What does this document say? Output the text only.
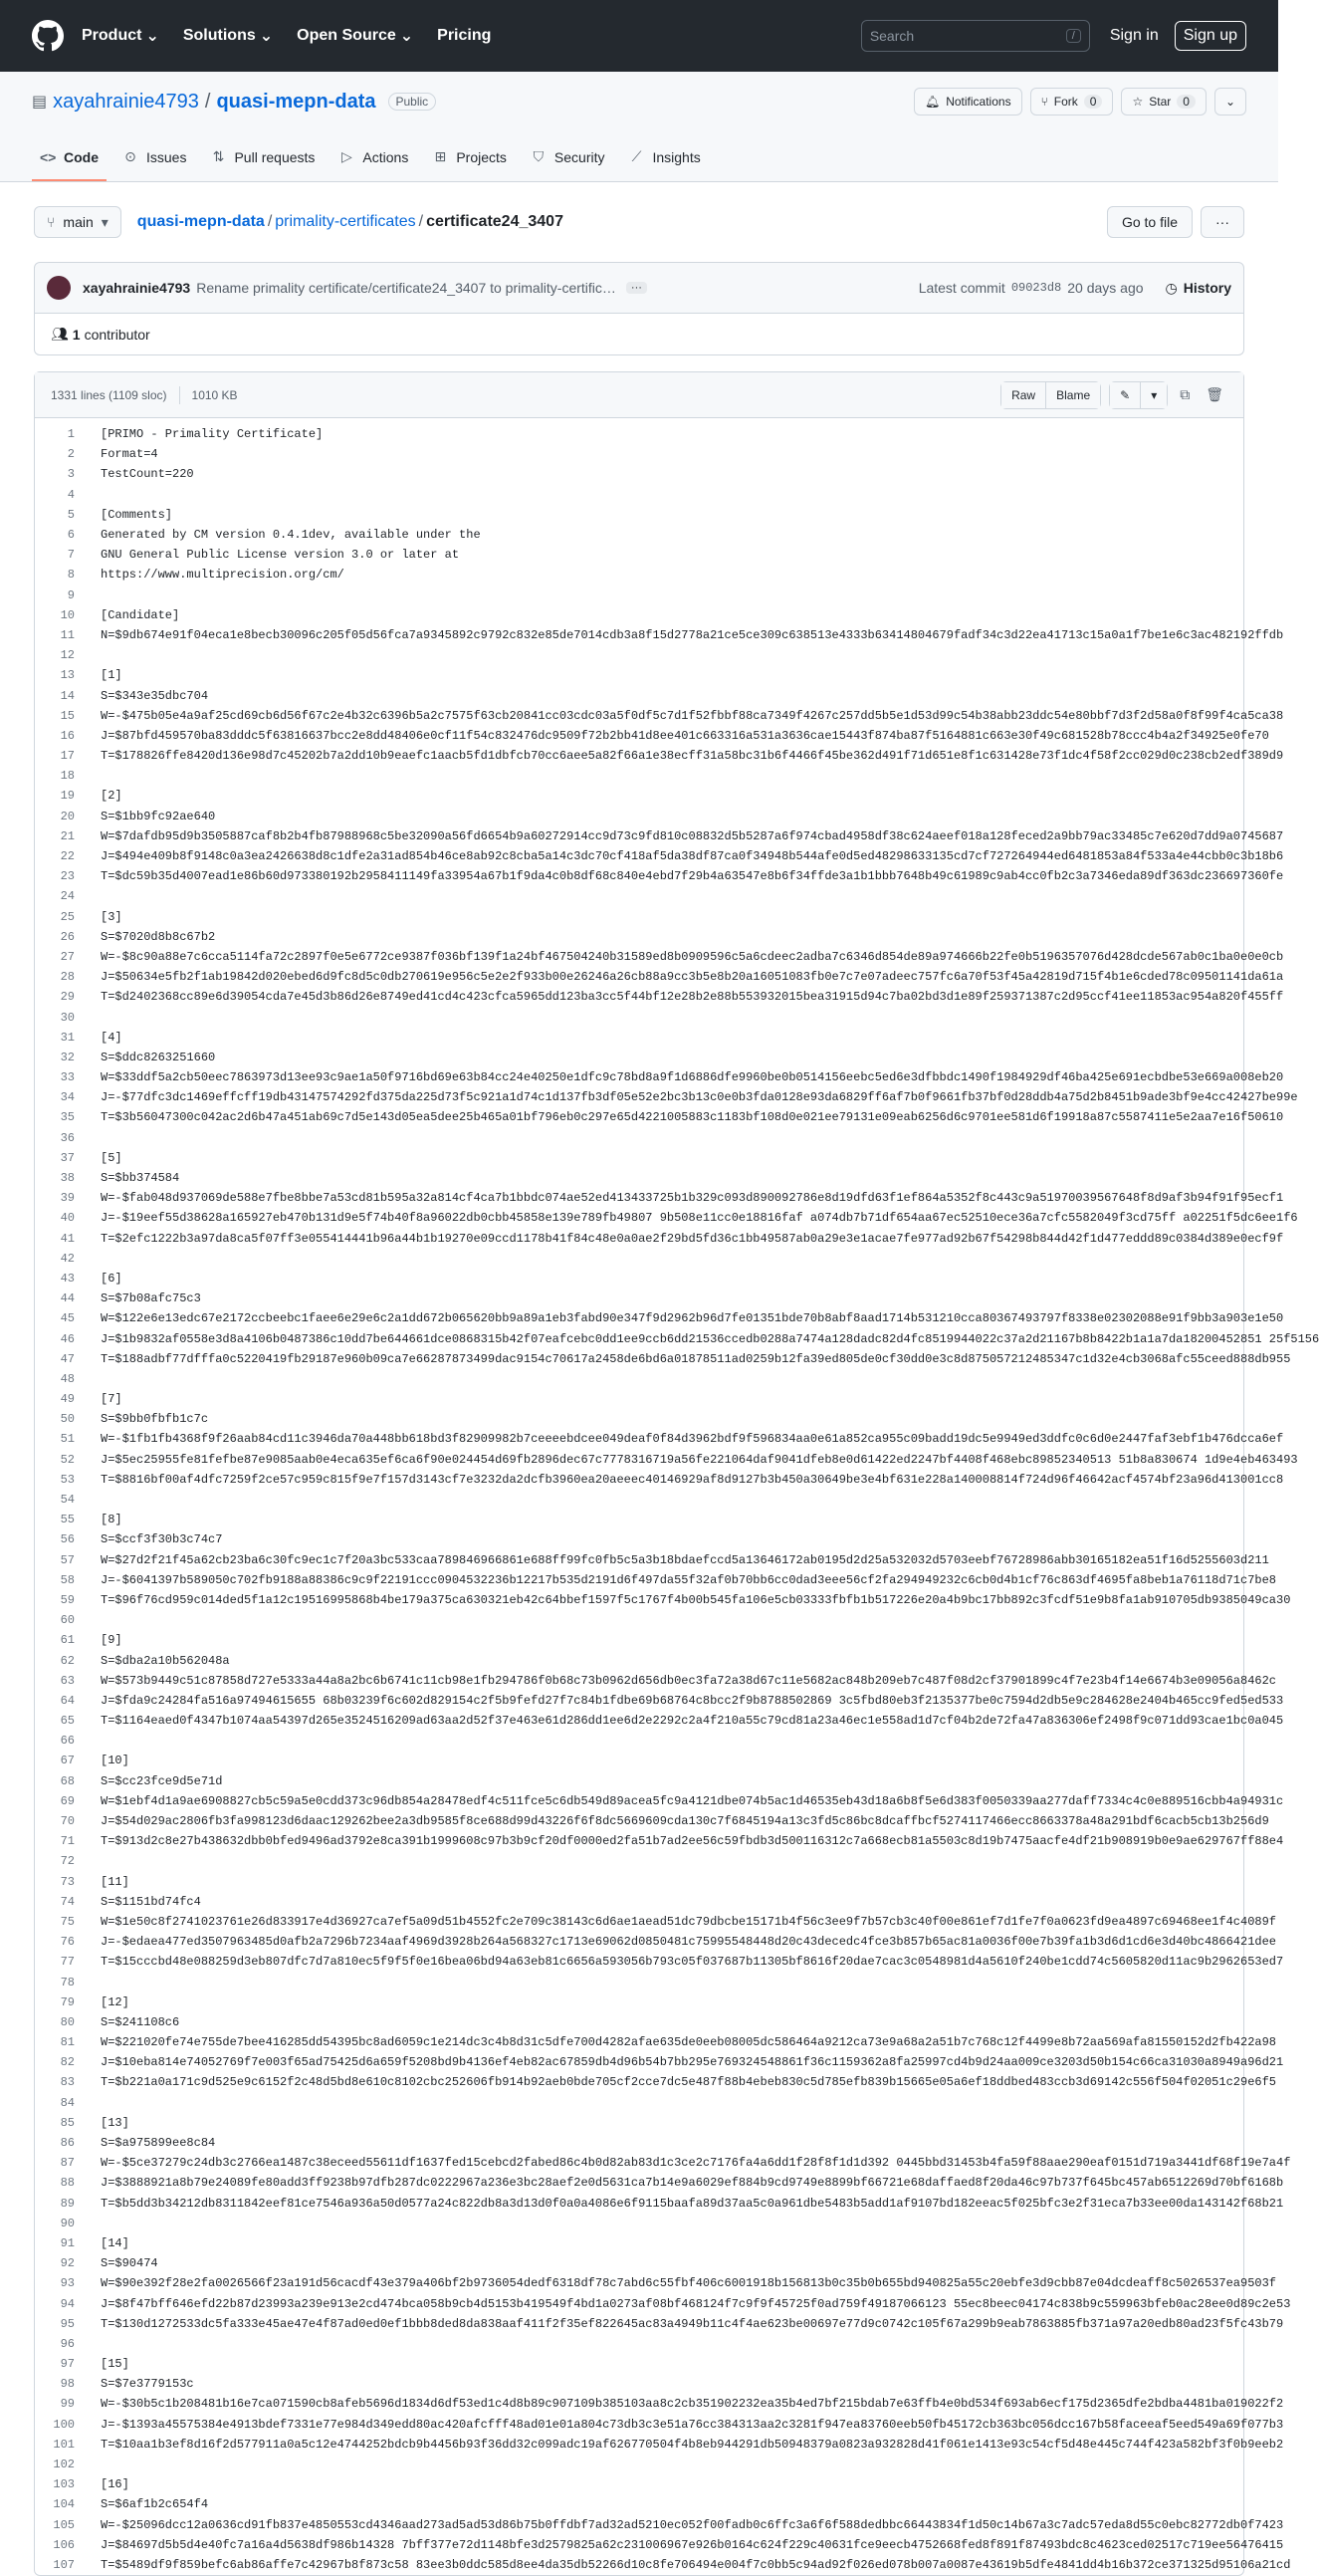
Product ⌄ Solutions ⌄ Open Source ⌄ Pricing	Search	/	Sign in	Sign up
▤ xayahrainie4793 / quasi-mepn-data	Public	🔔︎ Notifications	⑂ Fork	0	☆ Star	0	⌄
<> Code ⊙ Issues ⇅ Pull requests ▷ Actions ⊞ Projects ⛉ Security ⟋ Insights
⑂ main ▾ quasi-mepn-data / primality-certificates / certificate24_3407	Go to file	···
xayahrainie4793 Rename primality certificate/certificate24_3407 to primality-certific…	···	Latest commit 09023d8 20 days ago ◷ History
👥︎ 1 contributor
1331 lines (1109 sloc) 1010 KB	Raw	Blame	✎	▾	⧉ 🗑︎
1	[PRIMO - Primality Certificate]
2	Format=4
3	TestCount=220
4
5	[Comments]
6	Generated by CM version 0.4.1dev, available under the
7	GNU General Public License version 3.0 or later at
8	https://www.multiprecision.org/cm/
9
10	[Candidate]
11	N=$9db674e91f04eca1e8becb30096c205f05d56fca7a9345892c9792c832e85de7014cdb3a8f15d2778a21ce5ce309c638513e4333b63414804679fadf34c3d22ea41713c15a0a1f7be1e6c3ac482192ffdb
12
13	[1]
14	S=$343e35dbc704
15	W=-$475b05e4a9af25cd69cb6d56f67c2e4b32c6396b5a2c7575f63cb20841cc03cdc03a5f0df5c7d1f52fbbf88ca7349f4267c257dd5b5e1d53d99c54b38abb23ddc54e80bbf7d3f2d58a0f8f99f4ca5ca38
16	J=$87bfd459570ba83dddc5f63816637bcc2e8dd48406e0cf11f54c832476dc9509f72b2bb41d8ee401c663316a531a3636cae15443f874ba87f5164881c663e30f49c681528b78ccc4b4a2f34925e0fe70
17	T=$178826ffe8420d136e98d7c45202b7a2dd10b9eaefc1aacb5fd1dbfcb70cc6aee5a82f66a1e38ecff31a58bc31b6f4466f45be362d491f71d651e8f1c631428e73f1dc4f58f2cc029d0c238cb2edf389d9
18
19	[2]
20	S=$1bb9fc92ae640
21	W=$7dafdb95d9b3505887caf8b2b4fb87988968c5be32090a56fd6654b9a60272914cc9d73c9fd810c08832d5b5287a6f974cbad4958df38c624aeef018a128feced2a9bb79ac33485c7e620d7dd9a0745687
22	J=$494e409b8f9148c0a3ea2426638d8c1dfe2a31ad854b46ce8ab92c8cba5a14c3dc70cf418af5da38df87ca0f34948b544afe0d5ed48298633135cd7cf727264944ed6481853a84f533a4e44cbb0c3b18b6
23	T=$dc59b35d4007ead1e86b60d973380192b2958411149fa33954a67b1f9da4c0b8df68c840e4ebd7f29b4a63547e8b6f34ffde3a1b1bbb7648b49c61989c9ab4cc0fb2c3a7346eda89df363dc236697360fe
24
25	[3]
26	S=$7020d8b8c67b2
27	W=-$8c90a88e7c6cca5114fa72c2897f0e5e6772ce9387f036bf139f1a24bf467504240b31589ed8b0909596c5a6cdeec2adba7c6346d854de89a974666b22fe0b5196357076d428dcde567ab0c1ba0e0e0cb
28	J=$50634e5fb2f1ab19842d020ebed6d9fc8d5c0db270619e956c5e2e2f933b00e26246a26cb88a9cc3b5e8b20a16051083fb0e7c7e07adeec757fc6a70f53f45a42819d715f4b1e6cded78c09501141da61a
29	T=$d2402368cc89e6d39054cda7e45d3b86d26e8749ed41cd4c423cfca5965dd123ba3cc5f44bf12e28b2e88b553932015bea31915d94c7ba02bd3d1e89f259371387c2d95ccf41ee11853ac954a820f455ff
30
31	[4]
32	S=$ddc8263251660
33	W=$33ddf5a2cb50eec7863973d13ee93c9ae1a50f9716bd69e63b84cc24e40250e1dfc9c78bd8a9f1d6886dfe9960be0b0514156eebc5ed6e3dfbbdc1490f1984929df46ba425e691ecbdbe53e669a008eb20
34	J=-$77dfc3dc1469effcff19db43147574292fd375da225d73f5c921a1d74c1d137fb3df05e52e2bc3b13c0e0b3fda0128e93da6829ff6af7b0f9661fb37bf0d28ddb4a75d2b8451b9ade3bf9e4cc42427be99e
35	T=$3b56047300c042ac2d6b47a451ab69c7d5e143d05ea5dee25b465a01bf796eb0c297e65d4221005883c1183bf108d0e021ee79131e09eab6256d6c9701ee581d6f19918a87c5587411e5e2aa7e16f50610
36
37	[5]
38	S=$bb374584
39	W=-$fab048d937069de588e7fbe8bbe7a53cd81b595a32a814cf4ca7b1bbdc074ae52ed413433725b1b329c093d890092786e8d19dfd63f1ef864a5352f8c443c9a51970039567648f8d9af3b94f91f95ecf1
40	J=-$19eef55d38628a165927eb470b131d9e5f74b40f8a96022db0cbb45858e139e789fb49807 9b508e11cc0e18816faf a074db7b71df654aa67ec52510ece36a7cfc5582049f3cd75ff a02251f5dc6ee1f6
41	T=$2efc1222b3a97da8ca5f07ff3e055414441b96a44b1b19270e09ccd1178b41f84c48e0a0ae2f29bd5fd36c1bb49587ab0a29e3e1acae7fe977ad92b67f54298b844d42f1d477eddd89c0384d389e0ecf9f
42
43	[6]
44	S=$7b08afc75c3
45	W=$122e6e13edc67e2172ccbeebc1faee6e29e6c2a1dd672b065620bb9a89a1eb3fabd90e347f9d2962b96d7fe01351bde70b8abf8aad1714b531210cca80367493797f8338e02302088e91f9bb3a903e1e50
46	J=$1b9832af0558e3d8a4106b0487386c10dd7be644661dce0868315b42f07eafcebc0dd1ee9ccb6dd21536ccedb0288a7474a128dadc82d4fc8519944022c37a2d21167b8b8422b1a1a7da18200452851 25f5156
47	T=$188adbf77dfffa0c5220419fb29187e960b09ca7e66287873499dac9154c70617a2458de6bd6a01878511ad0259b12fa39ed805de0cf30dd0e3c8d875057212485347c1d32e4cb3068afc55ceed888db955
48
49	[7]
50	S=$9bb0fbfb1c7c
51	W=-$1fb1fb4368f9f26aab84cd11c3946da70a448bb618bd3f82909982b7ceeeebdcee049deaf0f84d3962bdf9f596834aa0e61a852ca955c09badd19dc5e9949ed3ddfc0c6d0e2447faf3ebf1b476dcca6ef
52	J=$5ec25955fe81fefbe87e9085aab0e4eca635ef6ca6f90e024454d69fb2896dec67c7778316719a56fe221064daf9041dfeb8e0d61422ed2247bf4408f468ebc89852340513 51b8a830674 1d9e4eb463493
53	T=$8816bf00af4dfc7259f2ce57c959c815f9e7f157d3143cf7e3232da2dcfb3960ea20aeeec40146929af8d9127b3b450a30649be3e4bf631e228a140008814f724d96f46642acf4574bf23a96d413001cc8
54
55	[8]
56	S=$ccf3f30b3c74c7
57	W=$27d2f21f45a62cb23ba6c30fc9ec1c7f20a3bc533caa789846966861e688ff99fc0fb5c5a3b18bdaefccd5a13646172ab0195d2d25a532032d5703eebf76728986abb30165182ea51f16d5255603d211
58	J=-$6041397b589050c702fb9188a88386c9c9f22191ccc0904532236b12217b535d2191d6f497da55f32af0b70bb6cc0dad3eee56cf2fa294949232c6cb0d4b1cf76c863df4695fa8beb1a76118d71c7be8
59	T=$96f76cd959c014ded5f1a12c19516995868b4be179a375ca630321eb42c64bbef1597f5c1767f4b00b545fa106e5cb03333fbfb1b517226e20a4b9bc17bb892c3fcdf51e9b8fa1ab910705db9385049ca30
60
61	[9]
62	S=$dba2a10b562048a
63	W=$573b9449c51c87858d727e5333a44a8a2bc6b6741c11cb98e1fb294786f0b68c73b0962d656db0ec3fa72a38d67c11e5682ac848b209eb7c487f08d2cf37901899c4f7e23b4f14e6674b3e09056a8462c
64	J=$fda9c24284fa516a97494615655 68b03239f6c602d829154c2f5b9fefd27f7c84b1fdbe69b68764c8bcc2f9b8788502869 3c5fbd80eb3f2135377be0c7594d2db5e9c284628e2404b465cc9fed5ed533
65	T=$1164eaed0f4347b1074aa54397d265e3524516209ad63aa2d52f37e463e61d286dd1ee6d2e2292c2a4f210a55c79cd81a23a46ec1e558ad1d7cf04b2de72fa47a836306ef2498f9c071dd93cae1bc0a045
66
67	[10]
68	S=$cc23fce9d5e71d
69	W=$1ebf4d1a9ae6908827cb5c59a5e0cdd373c96db854a28478edf4c511fce5c6db549d89acea5fc9a4121dbe074b5ac1d46535eb43d18a6b8f5e6d383f0050339aa277daff7334c4c0e889516cbb4a94931c
70	J=$54d029ac2806fb3fa998123d6daac129262bee2a3db9585f8ce688d99d43226f6f8dc5669609cda130c7f6845194a13c3fd5c86bc8dcaffbcf5274117466ecc8663378a48a291bdf6cacb5cb13b256d9
71	T=$913d2c8e27b438632dbb0bfed9496ad3792e8ca391b1999608c97b3b9cf20df0000ed2fa51b7ad2ee56c59fbdb3d500116312c7a668ecb81a5503c8d19b7475aacfe4df21b908919b0e9ae629767ff88e4
72
73	[11]
74	S=$1151bd74fc4
75	W=$1e50c8f2741023761e26d833917e4d36927ca7ef5a09d51b4552fc2e709c38143c6d6ae1aead51dc79dbcbe15171b4f56c3ee9f7b57cb3c40f00e861ef7d1fe7f0a0623fd9ea4897c69468ee1f4c4089f
76	J=-$edaea477ed3507963485d0afb2a7296b7234aaf4969d3928b264a568327c1713e69062d0850481c75995548448d20c43decedc4fce3b857b65ac81a0036f00e7b39fa1b3d6d1cd6e3d40bc4866421dee
77	T=$15cccbd48e088259d3eb807dfc7d7a810ec5f9f5f0e16bea06bd94a63eb81c6656a593056b793c05f037687b11305bf8616f20dae7cac3c0548981d4a5610f240be1cdd74c5605820d11ac9b2962653ed7
78
79	[12]
80	S=$241108c6
81	W=$221020fe74e755de7bee416285dd54395bc8ad6059c1e214dc3c4b8d31c5dfe700d4282afae635de0eeb08005dc586464a9212ca73e9a68a2a51b7c768c12f4499e8b72aa569afa81550152d2fb422a98
82	J=$10eba814e74052769f7e003f65ad75425d6a659f5208bd9b4136ef4eb82ac67859db4d96b54b7bb295e769324548861f36c1159362a8fa25997cd4b9d24aa009ce3203d50b154c66ca31030a8949a96d21
83	T=$b221a0a171c9d525e9c6152f2c48d5bd8e610c8102cbc252606fb914b92aeb0bde705cf2cce7dc5e487f88b4ebeb830c5d785efb839b15665e05a6ef18ddbed483ccb3d69142c556f504f02051c29e6f5
84
85	[13]
86	S=$a975899ee8c84
87	W=-$5ce37279c24db3c2766ea1487c38eceed55611df1637fed15cebcd2fabed86c4b0d82ab83d1c3ce2c7176fa4a6dd1f28f8f1d1d392 0445bbd31453b4fa59f88aae290eaf0151d719a3441df68f19e7a4f
88	J=$3888921a8b79e24089fe80add3ff9238b97dfb287dc0222967a236e3bc28aef2e0d5631ca7b14e9a6029ef884b9cd9749e8899bf66721e68daffaed8f20da46c97b737f645bc457ab6512269d70bf6168b
89	T=$b5dd3b34212db8311842eef81ce7546a936a50d0577a24c822db8a3d13d0f0a0a4086e6f9115baafa89d37aa5c0a961dbe5483b5add1af9107bd182eeac5f025bfc3e2f31eca7b33ee00da143142f68b21
90
91	[14]
92	S=$90474
93	W=$90e392f28e2fa0026566f23a191d56cacdf43e379a406bf2b9736054dedf6318df78c7abd6c55fbf406c6001918b156813b0c35b0b655bd940825a55c20ebfe3d9cbb87e04dcdeaff8c5026537ea9503f
94	J=$8f47bff646efd22b87d23993a239e913e2cd474bca058b9cb4d5153b419549f4bd1a0273af08bf468124f7c9f9f45725f0ad759f49187066123 55ec8beec04174c838b9c559963bfeb0ac28ee0d89c2e53
95	T=$130d1272533dc5fa333e45ae47e4f87ad0ed0ef1bbb8ded8da838aaf411f2f35ef822645ac83a4949b11c4f4ae623be00697e77d9c0742c105f67a299b9eab7863885fb371a97a20edb80ad23f5fc43b79
96
97	[15]
98	S=$7e3779153c
99	W=-$30b5c1b208481b16e7ca071590cb8afeb5696d1834d6df53ed1c4d8b89c907109b385103aa8c2cb351902232ea35b4ed7bf215bdab7e63ffb4e0bd534f693ab6ecf175d2365dfe2bdba4481ba019022f2
100	J=-$1393a45575384e4913bdef7331e77e984d349edd80ac420afcfff48ad01e01a804c73db3c3e51a76cc384313aa2c3281f947ea83760eeb50fb45172cb363bc056dcc167b58faceeaf5eed549a69f077b3
101	T=$10aa1b3ef8d16f2d577911a0a5c12e4744252bdcb9b4456b93f36dd32c099adc19af626770504f4b8eb944291db50948379a0823a932828d41f061e1413e93c54cf5d48e445c744f423a582bf3f0b9eeb2
102
103	[16]
104	S=$6af1b2c654f4
105	W=-$25096dcc12a0636cd91fb837e4850553cd4346aad273ad5ad53d86b75b0ffdbf7ad32ad5210ec052f00fadb0c6ffc3a6f6f588dedbbc66443834f1d50c14b67a3c7adc57eda8d55c0ebc82772db0f7423
106	J=$84697d5b5d4e40fc7a16a4d5638df986b14328 7bff377e72d1148bfe3d2579825a62c231006967e926b0164c624f229c40631fce9eecb4752668fed8f891f87493bdc8c4623ced02517c719ee56476415
107	T=$5489df9f859befc6ab86affe7c42967b8f873c58 83ee3b0ddc585d8ee4da35db52266d10c8fe706494e004f7c0bb5c94ad92f026ed078b007a0087e43619b5dfe4841dd4b16b372ce371325d95106a21cd
